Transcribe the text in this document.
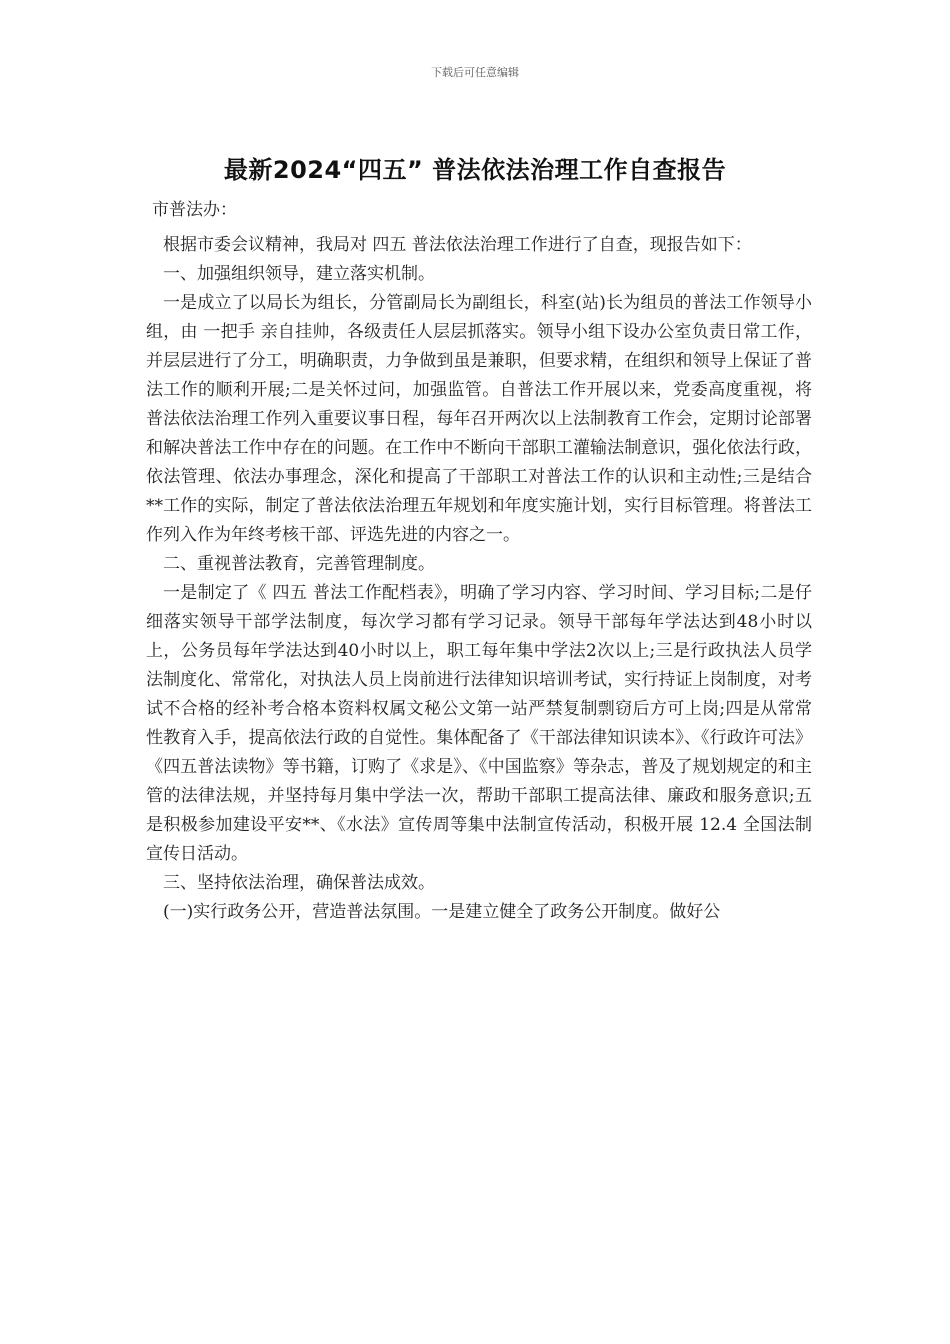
下载后可任意编辑
最新2024“四五” 普法依法治理工作自查报告

市普法办：

根据市委会议精神，我局对 四五 普法依法治理工作进行了自查，现报告如下：

一、加强组织领导，建立落实机制。

一是成立了以局长为组长，分管副局长为副组长，科室(站)长为组员的普法工作领导小组，由 一把手 亲自挂帅，各级责任人层层抓落实。领导小组下设办公室负责日常工作，并层层进行了分工，明确职责，力争做到虽是兼职，但要求精，在组织和领导上保证了普法工作的顺利开展;二是关怀过问，加强监管。自普法工作开展以来，党委高度重视，将普法依法治理工作列入重要议事日程，每年召开两次以上法制教育工作会，定期讨论部署和解决普法工作中存在的问题。在工作中不断向干部职工灌输法制意识，强化依法行政，依法管理、依法办事理念，深化和提高了干部职工对普法工作的认识和主动性;三是结合**工作的实际，制定了普法依法治理五年规划和年度实施计划，实行目标管理。将普法工作列入作为年终考核干部、评选先进的内容之一。

二、重视普法教育，完善管理制度。

一是制定了《 四五 普法工作配档表》，明确了学习内容、学习时间、学习目标;二是仔细落实领导干部学法制度，每次学习都有学习记录。领导干部每年学法达到48小时以上，公务员每年学法达到40小时以上，职工每年集中学法2次以上;三是行政执法人员学法制度化、常常化，对执法人员上岗前进行法律知识培训考试，实行持证上岗制度，对考试不合格的经补考合格本资料权属文秘公文第一站严禁复制剽窃后方可上岗;四是从常常性教育入手，提高依法行政的自觉性。集体配备了《干部法律知识读本》、《行政许可法》《四五普法读物》等书籍，订购了《求是》、《中国监察》等杂志，普及了规划规定的和主管的法律法规，并坚持每月集中学法一次，帮助干部职工提高法律、廉政和服务意识;五是积极参加建设平安**、《水法》宣传周等集中法制宣传活动，积极开展 12.4 全国法制宣传日活动。

三、坚持依法治理，确保普法成效。

(一)实行政务公开，营造普法氛围。一是建立健全了政务公开制度。做好公
